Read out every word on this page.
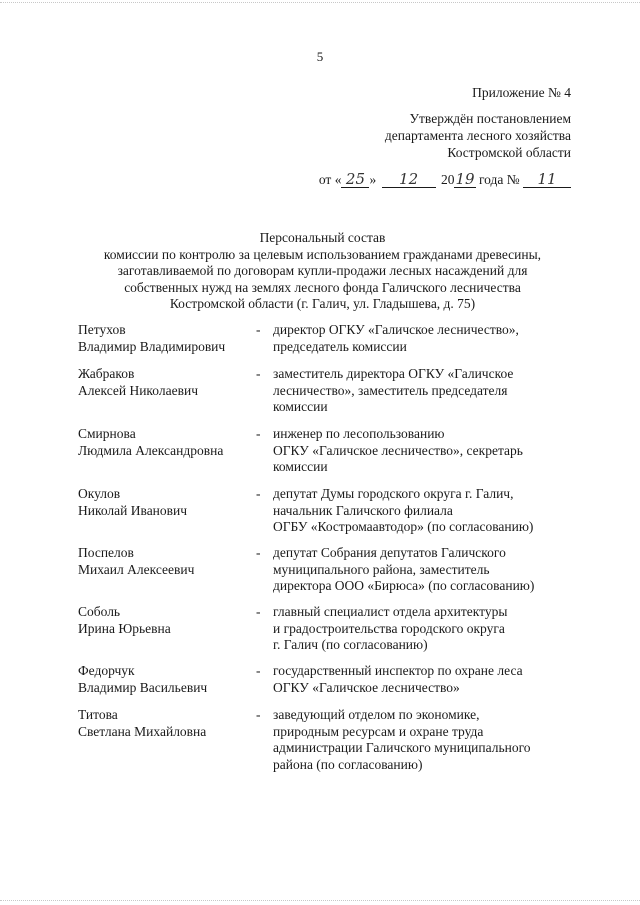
5
Приложение № 4
Утверждён постановлением
департамента лесного хозяйства
Костромской области
от « 25 » 12 2019 года № 11
Персональный состав
комиссии по контролю за целевым использованием гражданами древесины,
заготавливаемой по договорам купли-продажи лесных насаждений для
собственных нужд на землях лесного фонда Галичского лесничества
Костромской области (г. Галич, ул. Гладышева, д. 75)
Петухов
Владимир Владимирович
- директор ОГКУ «Галичское лесничество»,
председатель комиссии
Жабраков
Алексей Николаевич
- заместитель директора ОГКУ «Галичское
лесничество», заместитель председателя
комиссии
Смирнова
Людмила Александровна
- инженер по лесопользованию
ОГКУ «Галичское лесничество», секретарь
комиссии
Окулов
Николай Иванович
- депутат Думы городского округа г. Галич,
начальник Галичского филиала
ОГБУ «Костромаавтодор» (по согласованию)
Поспелов
Михаил Алексеевич
- депутат Собрания депутатов Галичского
муниципального района, заместитель
директора ООО «Бирюса» (по согласованию)
Соболь
Ирина Юрьевна
- главный специалист отдела архитектуры
и градостроительства городского округа
г. Галич (по согласованию)
Федорчук
Владимир Васильевич
- государственный инспектор по охране леса
ОГКУ «Галичское лесничество»
Титова
Светлана Михайловна
- заведующий отделом по экономике,
природным ресурсам и охране труда
администрации Галичского муниципального
района (по согласованию)
